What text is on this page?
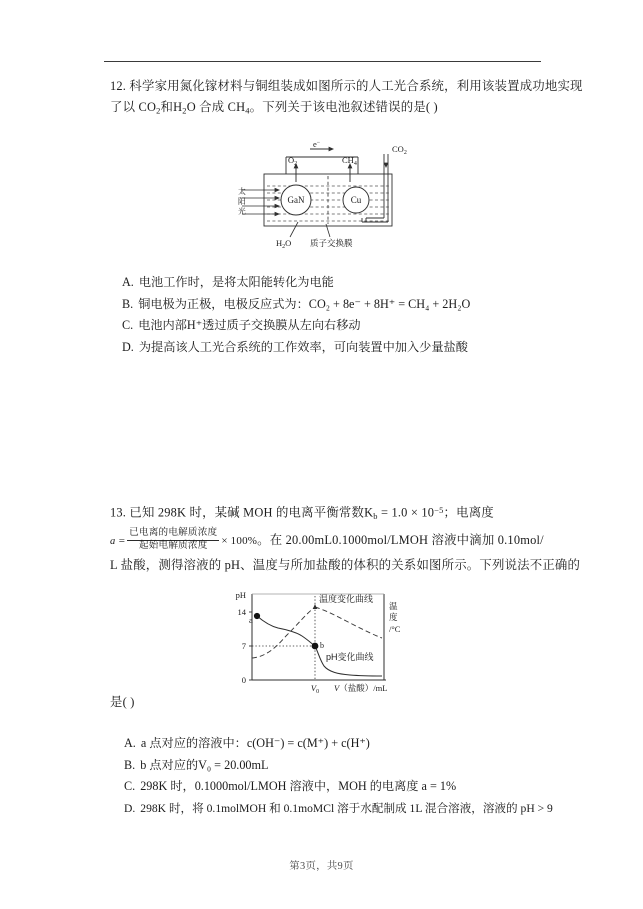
12. 科学家用氮化镓材料与铜组装成如图所示的人工光合系统，利用该装置成功地实现
了以 $CO_2$和$H_2O$ 合成 $CH_4$。下列关于该电池叙述错误的是( )
e−
$O_2$	$CH_4$
$CO_2$
GaN	Cu
太
阳
光
$H_2O$ 质子交换膜
A. 电池工作时，是将太阳能转化为电能
B. 铜电极为正极，电极反应式为：CO₂ + 8e⁻ + 8H⁺ = CH₄ + 2H₂O
C. 电池内部H⁺透过质子交换膜从左向右移动
D. 为提高该人工光合系统的工作效率，可向装置中加入少量盐酸
13. 已知 298K 时，某碱 MOH 的电离平衡常数$K_b = 1.0 \times 10^{-5}$；电离度
$a = \frac{\text{已电离的电解质浓度}}{\text{起始电解质浓度}} \times 100\%$。在 20.00mL0.1000mol/LMOH 溶液中滴加 0.10mol/
L 盐酸，测得溶液的 pH、温度与所加盐酸的体积的关系如图所示。下列说法不正确的
14
7
0
pH
a
b
温度变化曲线
pH变化曲线
温
度
/°C
$V_0$ V（盐酸）/mL
是( )
A. a 点对应的溶液中：c(OH⁻) = c(M⁺) + c(H⁺)
B. b 点对应的V₀ = 20.00mL
C. 298K 时，0.1000mol/LMOH 溶液中，MOH 的电离度 a = 1%
D. 298K 时，将 0.1molMOH 和 0.1moMCl 溶于水配制成 1L 混合溶液，溶液的 pH > 9
第3页，共9页
